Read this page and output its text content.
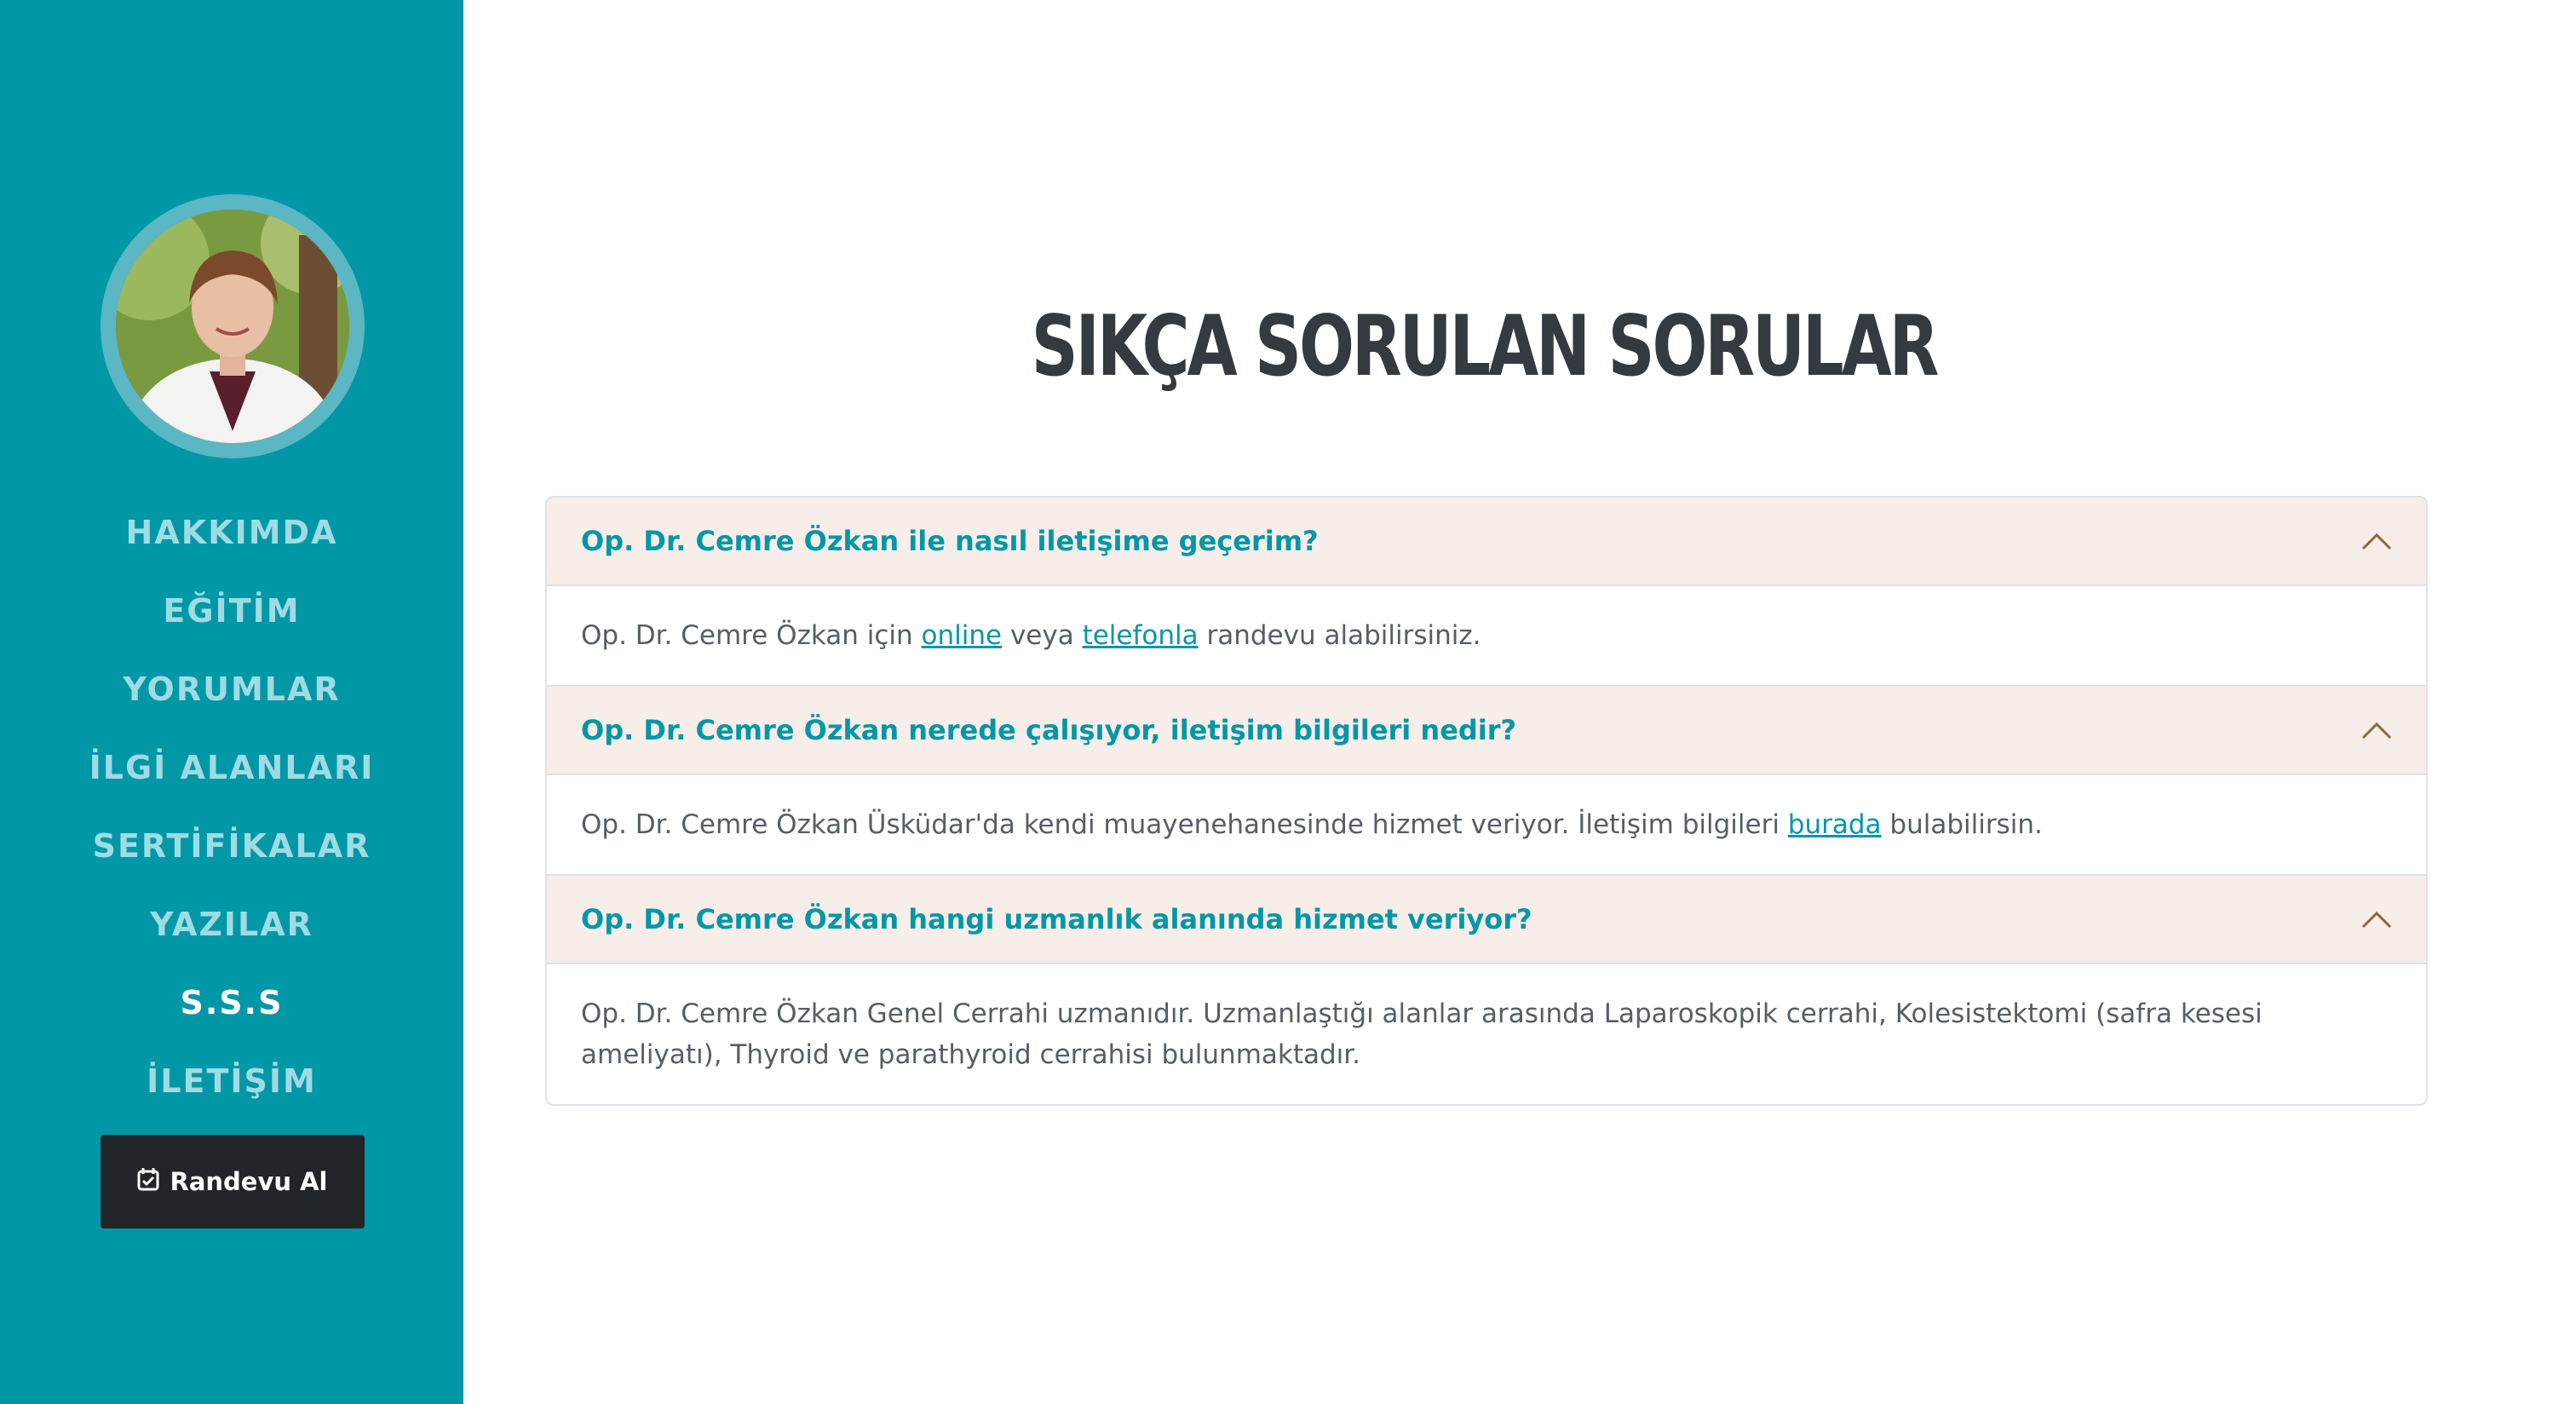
HAKKIMDA
EĞİTİM
YORUMLAR
İLGİ ALANLARI
SERTİFİKALAR
YAZILAR
S.S.S
İLETİŞİM
Randevu Al
SIKÇA SORULAN SORULAR
Op. Dr. Cemre Özkan ile nasıl iletişime geçerim?
Op. Dr. Cemre Özkan için online veya telefonla randevu alabilirsiniz.
Op. Dr. Cemre Özkan nerede çalışıyor, iletişim bilgileri nedir?
Op. Dr. Cemre Özkan Üsküdar'da kendi muayenehanesinde hizmet veriyor. İletişim bilgileri burada bulabilirsin.
Op. Dr. Cemre Özkan hangi uzmanlık alanında hizmet veriyor?
Op. Dr. Cemre Özkan Genel Cerrahi uzmanıdır. Uzmanlaştığı alanlar arasında Laparoskopik cerrahi, Kolesistektomi (safra kesesi ameliyatı), Thyroid ve parathyroid cerrahisi bulunmaktadır.
